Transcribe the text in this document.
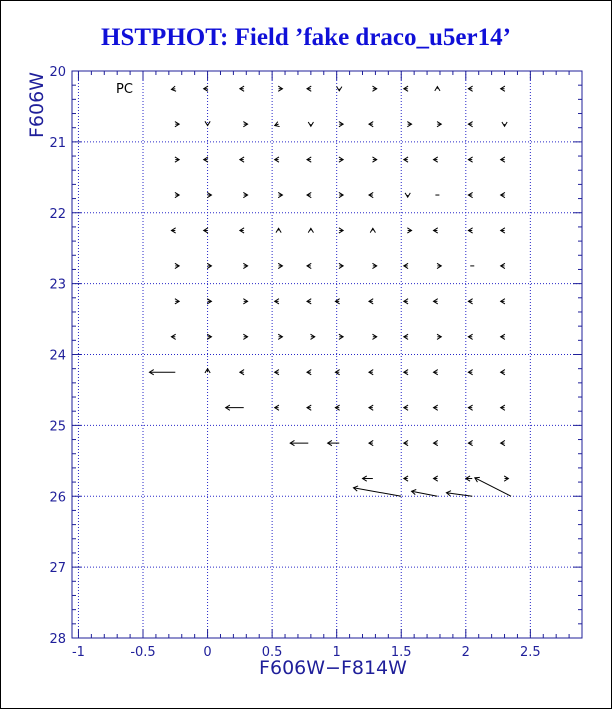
HSTPHOT: Field ’fake draco_u5er14’
-1	-0.5	0	0.5	1	1.5	2	2.5
20
21
22
23
24
25
26
27
28
PC
F606W−F814W
F606W
